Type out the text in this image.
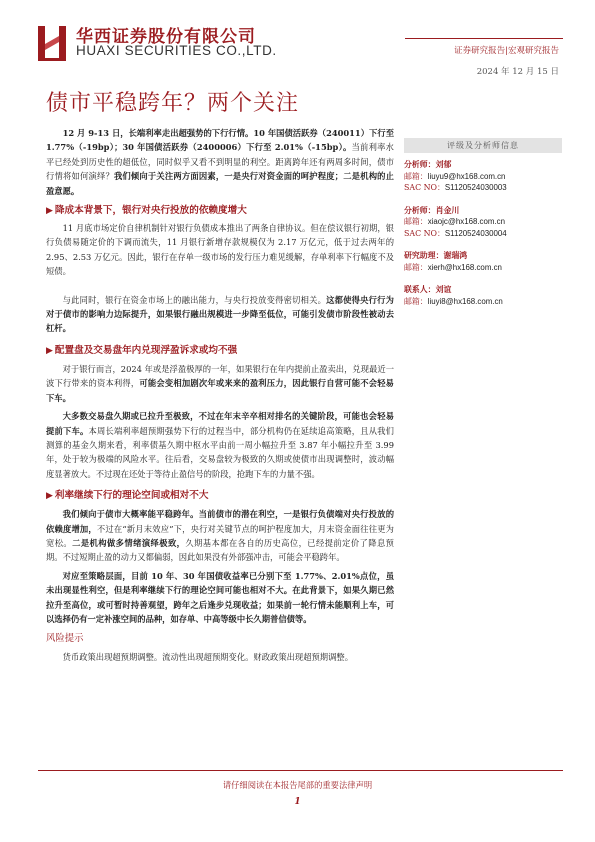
华西证券股份有限公司
HUAXI SECURITIES CO.,LTD.	证券研究报告|宏观研究报告
2024 年 12 月 15 日
债市平稳跨年？两个关注

12 月 9-13 日，长端利率走出超强势的下行行情。10 年国债活跃券（240011）下行至 1.77%（-19bp）；30 年国债活跃券（2400006）下行至 2.01%（-15bp）。当前利率水平已经处到历史性的超低位，同时似乎又看不到明显的利空。距离跨年还有两周多时间，债市行情将如何演绎？我们倾向于关注两方面因素，一是央行对资金面的呵护程度；二是机构的止盈意愿。

▶ 降成本背景下，银行对央行投放的依赖度增大

11 月底市场定价自律机制针对银行负债成本推出了两条自律协议。但在偿议银行初期，银行负债易随定价的下调而流失，11 月银行新增存款规模仅为 2.17 万亿元，低于过去两年的 2.95、2.53 万亿元。因此，银行在存单一级市场的发行压力难见缓解，存单利率下行幅度不及短债。

与此同时，银行在资金市场上的融出能力，与央行投放变得密切相关。这都使得央行行为对于债市的影响力边际提升，如果银行融出规模进一步降至低位，可能引发债市阶段性被动去杠杆。

▶ 配置盘及交易盘年内兑现浮盈诉求或均不强

对于银行而言，2024 年或是浮盈极厚的一年，如果银行在年内提前止盈卖出，兑现最近一波下行带来的资本利得，可能会变相加剧次年或来来的盈利压力，因此银行自营可能不会轻易下车。

大多数交易盘久期或已拉升至极致，不过在年末辛卒相对排名的关键阶段，可能也会轻易提前下车。本周长端利率超预期强势下行的过程当中，部分机构仍在延续追高策略，且从我们测算的基金久期来看，利率债基久期中枢水平由前一周小幅拉升至 3.87 年小幅拉升至 3.99 年，处于较为极端的风险水平。往后看，交易盘较为极致的久期或使债市出现调整时，波动幅度显著放大。不过现在还处于等待止盈信号的阶段，抢跑下车的力量不强。

▶ 利率继续下行的理论空间或相对不大

我们倾向于债市大概率能平稳跨年。当前债市的潜在利空，一是银行负债端对央行投放的依赖度增加，不过在“新月末效应”下，央行对关键节点的呵护程度加大，月末资金面往往更为宽松。二是机构做多情绪演绎极致，久期基本都在各自的历史高位，已经提前定价了降息预期。不过短期止盈的动力又都偏弱，因此如果没有外部强冲击，可能会平稳跨年。

对应至策略层面，目前 10 年、30 年国债收益率已分别下至 1.77%、2.01%点位，虽未出现显性利空，但是利率继续下行的理论空间可能也相对不大。在此背景下，如果久期已然拉升至高位，或可暂时持善观望，跨年之后逢步兑现收益；如果前一轮行情未能顺利上车，可以选择仍有一定补涨空间的品种，如存单、中高等级中长久期普信债等。

风险提示

货币政策出现超预期调整。流动性出现超预期变化。财政政策出现超预期调整。

评级及分析师信息
分析师：刘郁
邮箱：liuyu9@hx168.com.cn
SAC NO：S1120524030003
分析师：肖金川
邮箱：xiaojc@hx168.com.cn
SAC NO：S1120524030004
研究助理：谢瑞鸿
邮箱：xierh@hx168.com.cn
联系人：刘谊
邮箱：liuyi8@hx168.com.cn
请仔细阅读在本报告尾部的重要法律声明
1
